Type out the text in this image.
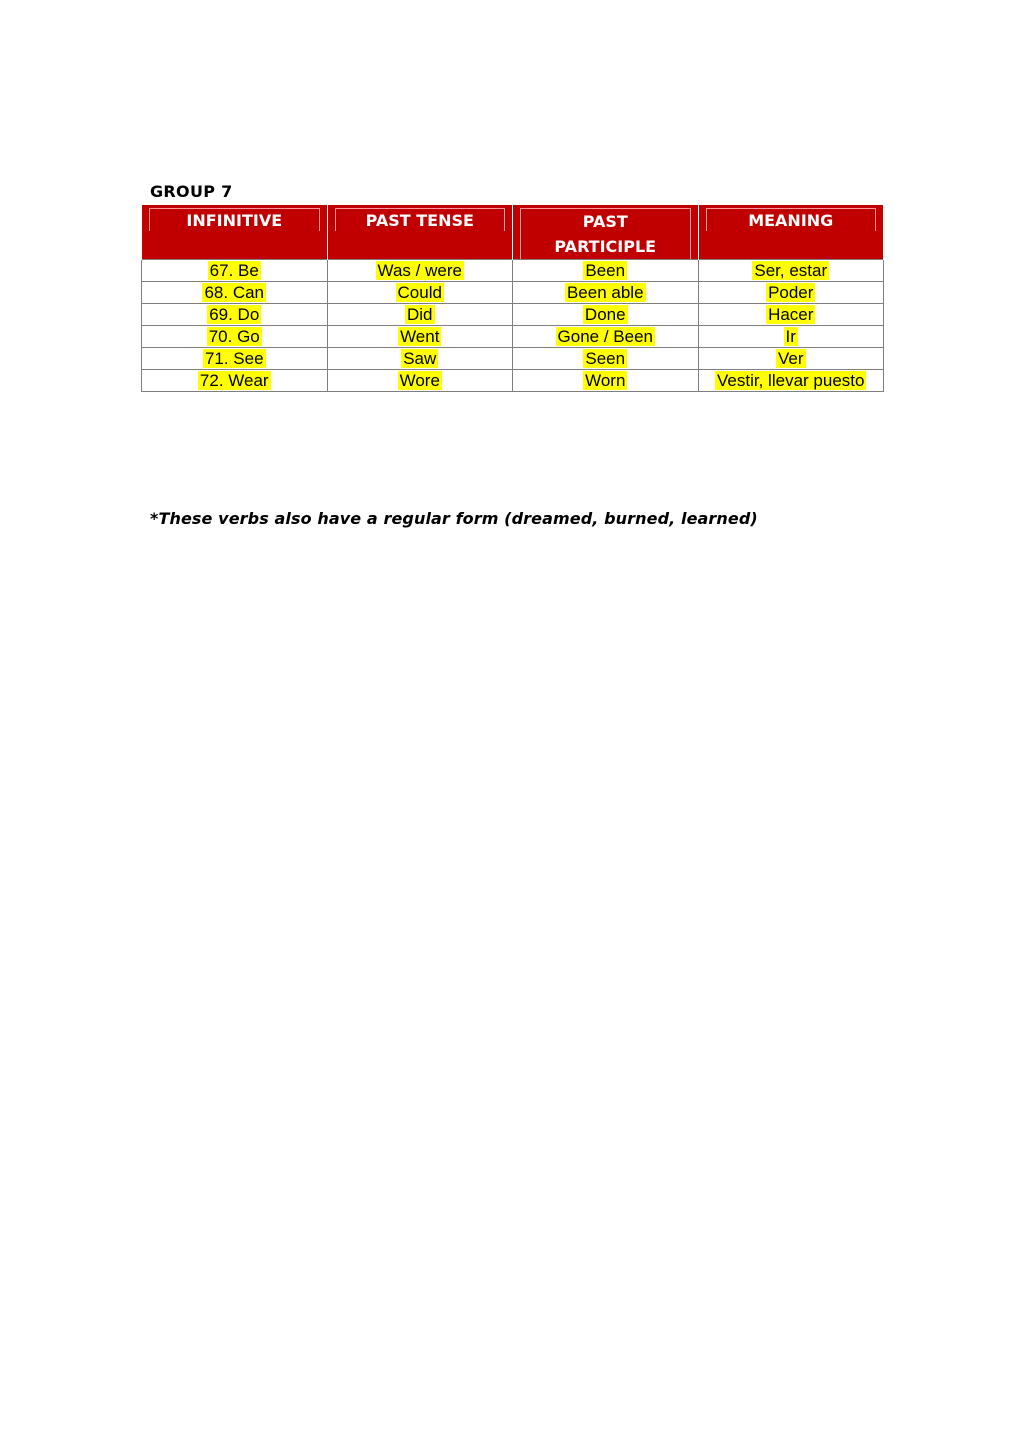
GROUP 7
INFINITIVE	PAST TENSE	PAST PARTICIPLE	MEANING

67. Be	Was / were	Been	Ser, estar
68. Can	Could	Been able	Poder
69. Do	Did	Done	Hacer
70. Go	Went	Gone / Been	Ir
71. See	Saw	Seen	Ver
72. Wear	Wore	Worn	Vestir, llevar puesto
*These verbs also have a regular form (dreamed, burned, learned)
